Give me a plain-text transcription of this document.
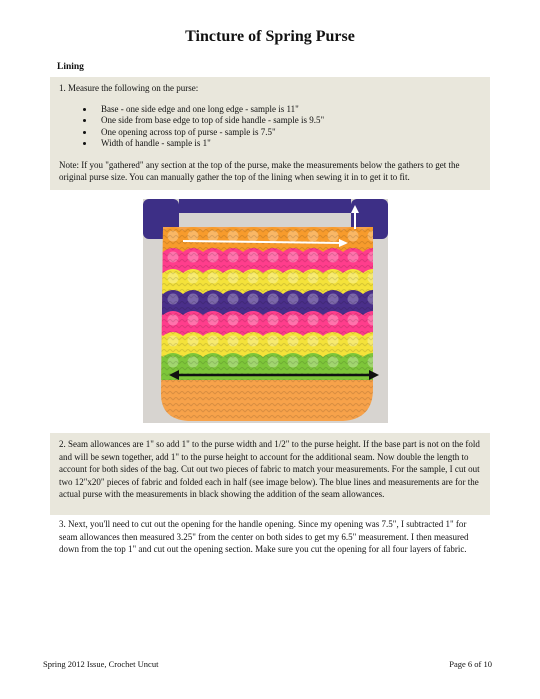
Tincture of Spring Purse
Lining

1. Measure the following on the purse:

Base - one side edge and one long edge - sample is 11"
One side from base edge to top of side handle - sample is 9.5"
One opening across top of purse - sample is 7.5"
Width of handle - sample is 1"

Note: If you "gathered" any section at the top of the purse, make the measurements below the gathers to get the original purse size. You can manually gather the top of the lining when sewing it in to get it to fit.

2. Seam allowances are 1" so add 1" to the purse width and 1/2" to the purse height. If the base part is not on the fold and will be sewn together, add 1" to the purse height to account for the additional seam. Now double the length to account for both sides of the bag. Cut out two pieces of fabric to match your measurements. For the sample, I cut out two 12"x20" pieces of fabric and folded each in half (see image below). The blue lines and measurements are for the actual purse with the measurements in black showing the addition of the seam allowances.

3. Next, you'll need to cut out the opening for the handle opening. Since my opening was 7.5", I subtracted 1" for seam allowances then measured 3.25" from the center on both sides to get my 6.5" measurement. I then measured down from the top 1" and cut out the opening section. Make sure you cut the opening for all four layers of fabric.
Spring 2012 Issue, Crochet Uncut	Page 6 of 10
